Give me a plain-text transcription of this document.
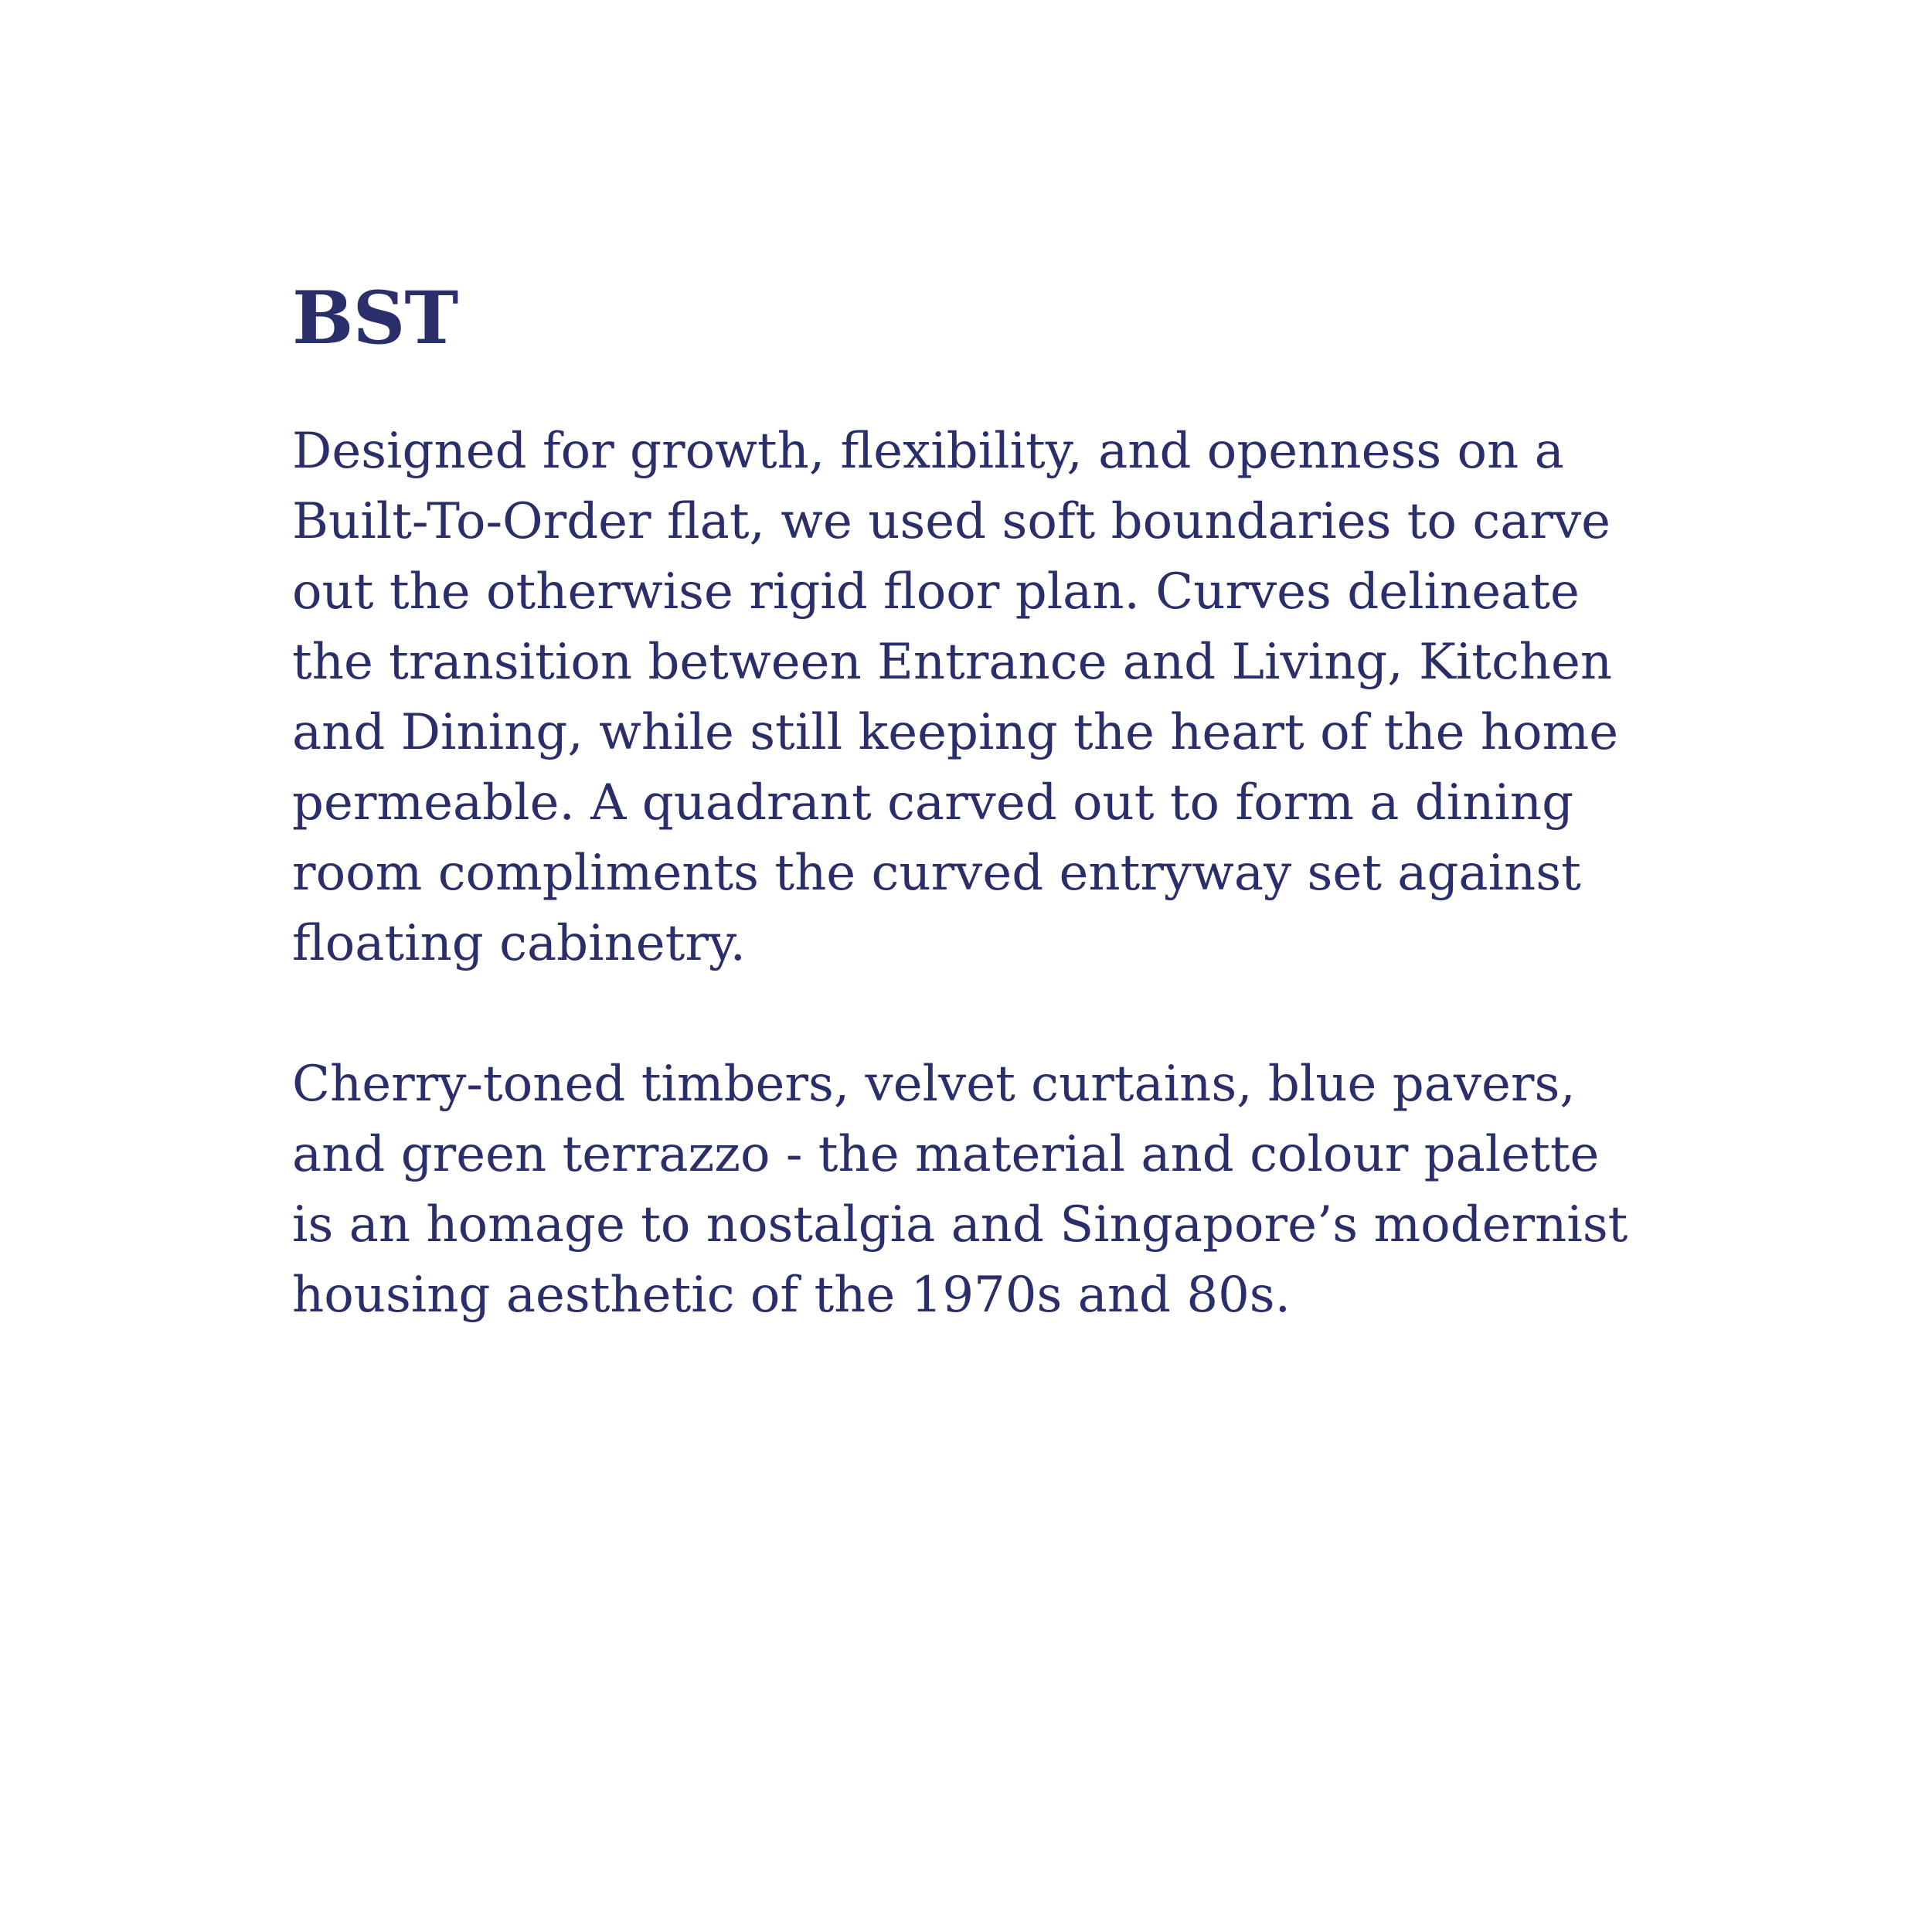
BST

Designed for growth, flexibility, and openness on a
Built-To-Order flat, we used soft boundaries to carve
out the otherwise rigid floor plan. Curves delineate
the transition between Entrance and Living, Kitchen
and Dining, while still keeping the heart of the home
permeable. A quadrant carved out to form a dining
room compliments the curved entryway set against
floating cabinetry.

Cherry-toned timbers, velvet curtains, blue pavers,
and green terrazzo - the material and colour palette
is an homage to nostalgia and Singapore’s modernist
housing aesthetic of the 1970s and 80s.
